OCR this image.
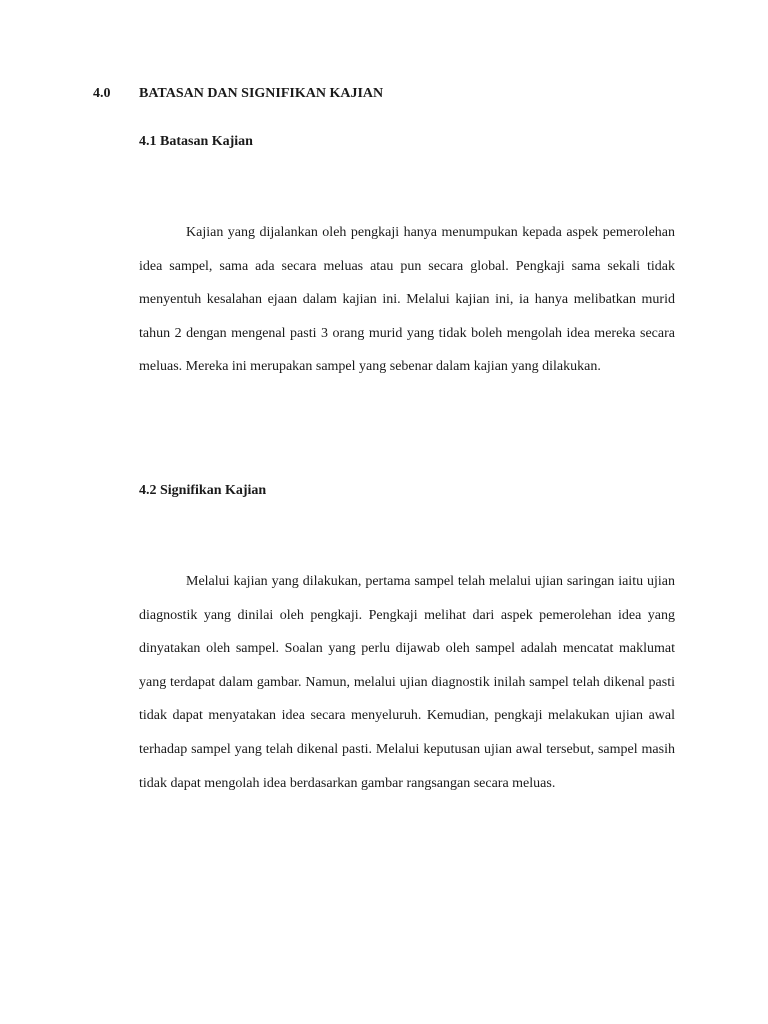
4.0 BATASAN DAN SIGNIFIKAN KAJIAN
4.1 Batasan Kajian

Kajian yang dijalankan oleh pengkaji hanya menumpukan kepada aspek pemerolehan idea sampel, sama ada secara meluas atau pun secara global. Pengkaji sama sekali tidak menyentuh kesalahan ejaan dalam kajian ini. Melalui kajian ini, ia hanya melibatkan murid tahun 2 dengan mengenal pasti 3 orang murid yang tidak boleh mengolah idea mereka secara meluas. Mereka ini merupakan sampel yang sebenar dalam kajian yang dilakukan.

4.2 Signifikan Kajian

Melalui kajian yang dilakukan, pertama sampel telah melalui ujian saringan iaitu ujian diagnostik yang dinilai oleh pengkaji. Pengkaji melihat dari aspek pemerolehan idea yang dinyatakan oleh sampel. Soalan yang perlu dijawab oleh sampel adalah mencatat maklumat yang terdapat dalam gambar. Namun, melalui ujian diagnostik inilah sampel telah dikenal pasti tidak dapat menyatakan idea secara menyeluruh. Kemudian, pengkaji melakukan ujian awal terhadap sampel yang telah dikenal pasti. Melalui keputusan ujian awal tersebut, sampel masih tidak dapat mengolah idea berdasarkan gambar rangsangan secara meluas.
